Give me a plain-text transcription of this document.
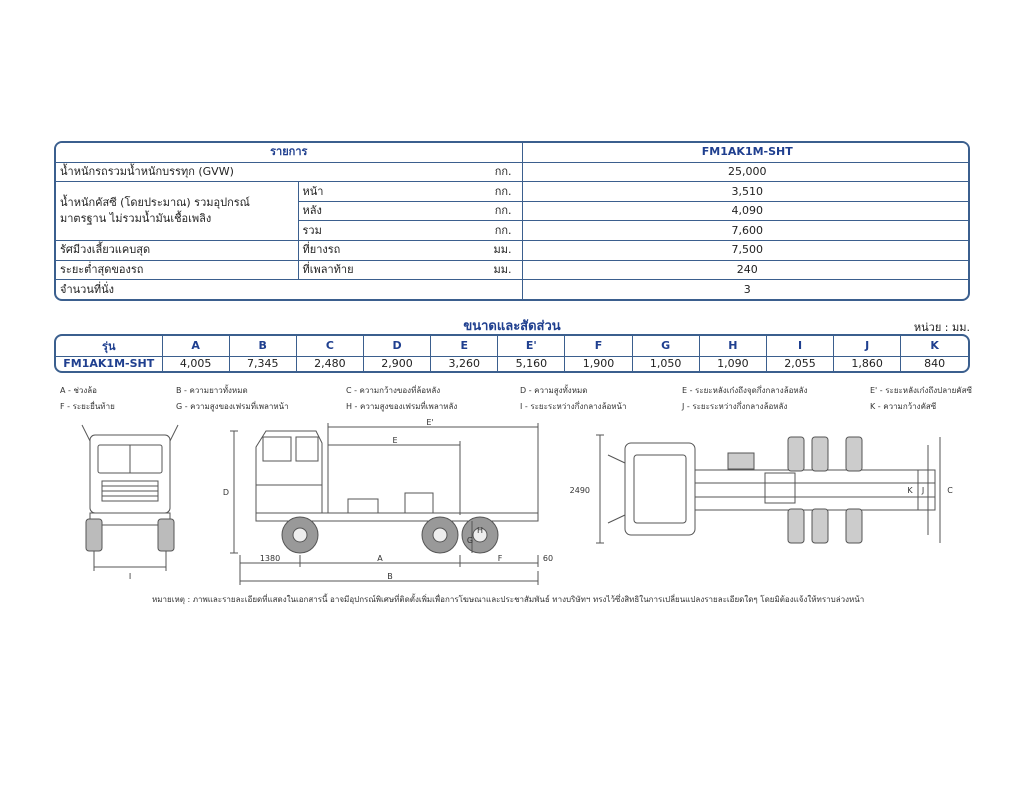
รายการ			FM1AK1M-SHT
น้ำหนักรถรวมน้ำหนักบรรทุก (GVW)		กก.	25,000
น้ำหนักคัสซี (โดยประมาณ) รวมอุปกรณ์มาตรฐาน ไม่รวมน้ำมันเชื้อเพลิง	หน้า	กก.	3,510
	หลัง	กก.	4,090
	รวม	กก.	7,600
รัศมีวงเลี้ยวแคบสุด	ที่ยางรถ	มม.	7,500
ระยะต่ำสุดของรถ	ที่เพลาท้าย	มม.	240
จำนวนที่นั่ง			3
ขนาดและสัดส่วน	หน่วย : มม.
รุ่น	A	B	C	D	E	E'	F	G	H	I	J	K
FM1AK1M-SHT	4,005	7,345	2,480	2,900	3,260	5,160	1,900	1,050	1,090	2,055	1,860	840
A - ช่วงล้อ	B - ความยาวทั้งหมด	C - ความกว้างของที่ล้อหลัง	D - ความสูงทั้งหมด	E - ระยะหลังเก๋งถึงจุดกึ่งกลางล้อหลัง	E' - ระยะหลังเก๋งถึงปลายคัสซี
F - ระยะยื่นท้าย	G - ความสูงของเฟรมที่เพลาหน้า	H - ความสูงของเฟรมที่เพลาหลัง	I - ระยะระหว่างกึ่งกลางล้อหน้า	J - ระยะระหว่างกึ่งกลางล้อหลัง	K - ความกว้างคัสซี
I
D
E'
E
H
G
1380	A	F	60
B
2490	K J	C
หมายเหตุ : ภาพและรายละเอียดที่แสดงในเอกสารนี้ อาจมีอุปกรณ์พิเศษที่ติดตั้งเพิ่มเพื่อการโฆษณาและประชาสัมพันธ์ ทางบริษัทฯ ทรงไว้ซึ่งสิทธิในการเปลี่ยนแปลงรายละเอียดใดๆ โดยมิต้องแจ้งให้ทราบล่วงหน้า
